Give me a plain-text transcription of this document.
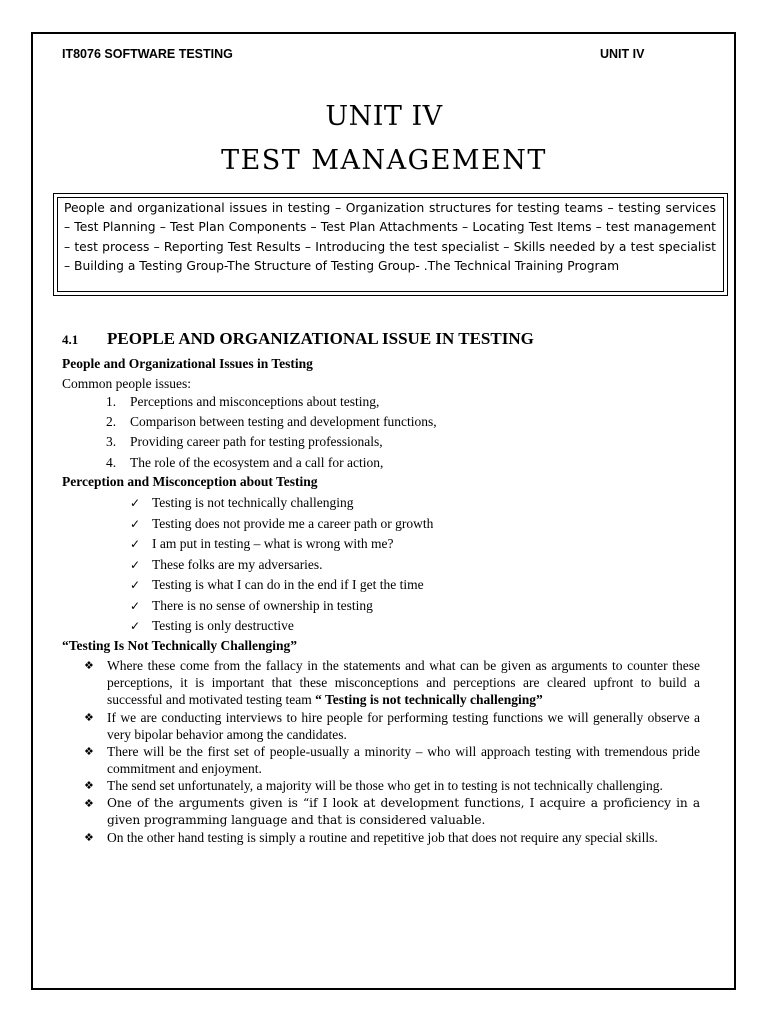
IT8076 SOFTWARE TESTING	UNIT IV
UNIT IV
TEST MANAGEMENT
People and organizational issues in testing – Organization structures for testing teams – testing services – Test Planning – Test Plan Components – Test Plan Attachments – Locating Test Items – test management – test process – Reporting Test Results – Introducing the test specialist – Skills needed by a test specialist – Building a Testing Group-The Structure of Testing Group- .The Technical Training Program
4.1 PEOPLE AND ORGANIZATIONAL ISSUE IN TESTING
People and Organizational Issues in Testing
Common people issues:
1. Perceptions and misconceptions about testing,
2. Comparison between testing and development functions,
3. Providing career path for testing professionals,
4. The role of the ecosystem and a call for action,
Perception and Misconception about Testing
✓ Testing is not technically challenging
✓ Testing does not provide me a career path or growth
✓ I am put in testing – what is wrong with me?
✓ These folks are my adversaries.
✓ Testing is what I can do in the end if I get the time
✓ There is no sense of ownership in testing
✓ Testing is only destructive
“Testing Is Not Technically Challenging”
❖ Where these come from the fallacy in the statements and what can be given as arguments to counter these perceptions, it is important that these misconceptions and perceptions are cleared upfront to build a successful and motivated testing team “ Testing is not technically challenging”
❖ If we are conducting interviews to hire people for performing testing functions we will generally observe a very bipolar behavior among the candidates.
❖ There will be the first set of people-usually a minority – who will approach testing with tremendous pride commitment and enjoyment.
❖ The send set unfortunately, a majority will be those who get in to testing is not technically challenging.
❖ One of the arguments given is “if I look at development functions, I acquire a proficiency in a given programming language and that is considered valuable.
❖ On the other hand testing is simply a routine and repetitive job that does not require any special skills.
